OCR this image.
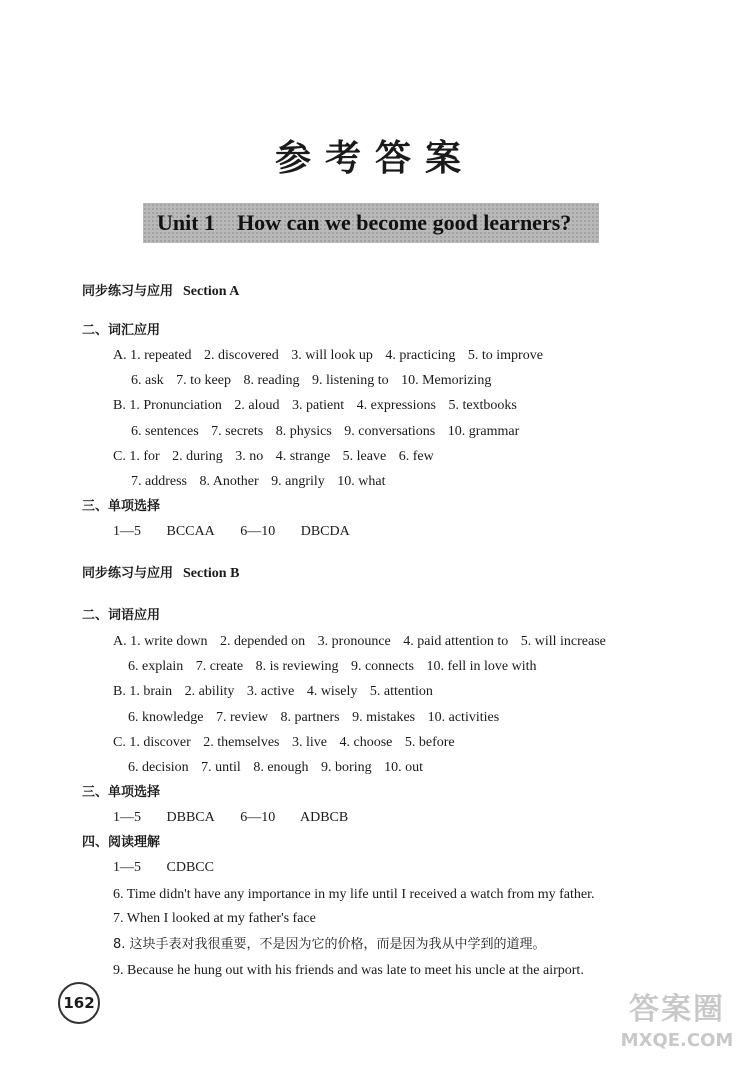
参考答案
Unit 1 How can we become good learners?
同步练习与应用 Section A
二、词汇应用
A. 1. repeated 2. discovered 3. will look up 4. practicing 5. to improve
6. ask 7. to keep 8. reading 9. listening to 10. Memorizing
B. 1. Pronunciation 2. aloud 3. patient 4. expressions 5. textbooks
6. sentences 7. secrets 8. physics 9. conversations 10. grammar
C. 1. for 2. during 3. no 4. strange 5. leave 6. few
7. address 8. Another 9. angrily 10. what
三、单项选择
1—5 BCCAA 6—10 DBCDA
同步练习与应用 Section B
二、词语应用
A. 1. write down 2. depended on 3. pronounce 4. paid attention to 5. will increase
6. explain 7. create 8. is reviewing 9. connects 10. fell in love with
B. 1. brain 2. ability 3. active 4. wisely 5. attention
6. knowledge 7. review 8. partners 9. mistakes 10. activities
C. 1. discover 2. themselves 3. live 4. choose 5. before
6. decision 7. until 8. enough 9. boring 10. out
三、单项选择
1—5 DBBCA 6—10 ADBCB
四、阅读理解
1—5 CDBCC
6. Time didn't have any importance in my life until I received a watch from my father.
7. When I looked at my father's face
8. 这块手表对我很重要，不是因为它的价格，而是因为我从中学到的道理。
9. Because he hung out with his friends and was late to meet his uncle at the airport.
162	答案圈
MXQE.COM
